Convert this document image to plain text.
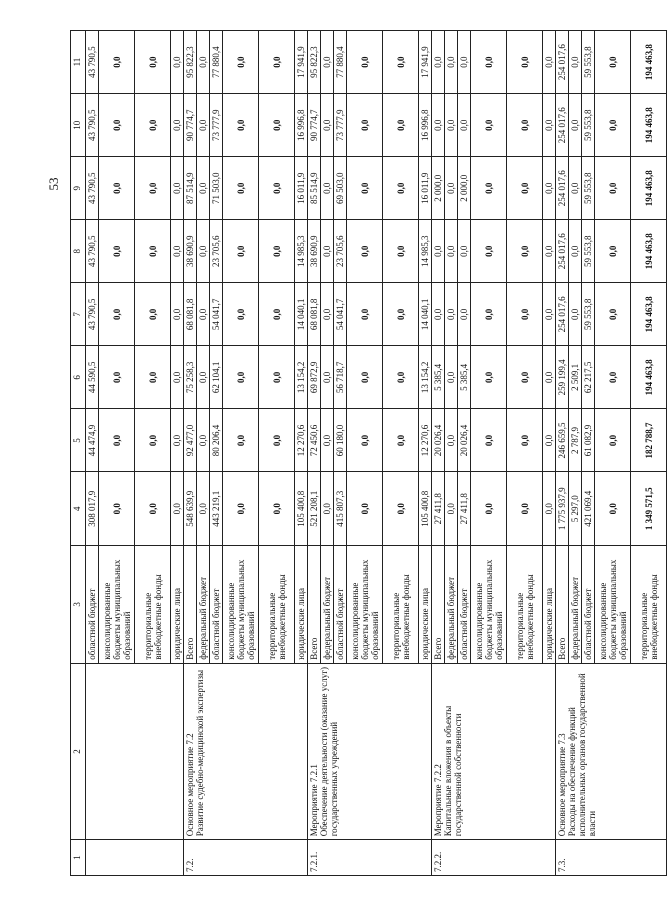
53
1	2	3	4	5	6	7	8	9	10	11
		областной бюджет	308 017,9	44 474,9	44 590,5	43 790,5	43 790,5	43 790,5	43 790,5	43 790,5
		консолидированные бюджеты муниципальных образований	0,0	0,0	0,0	0,0	0,0	0,0	0,0	0,0
		территориальные внебюджетные фонды	0,0	0,0	0,0	0,0	0,0	0,0	0,0	0,0
		юридические лица	0,0	0,0	0,0	0,0	0,0	0,0	0,0	0,0
7.2.	Основное мероприятие 7.2 Развитие судебно-медицинской экспертизы	Всего	548 639,9	92 477,0	75 258,3	68 081,8	38 690,9	87 514,9	90 774,7	95 822,3
		федеральный бюджет	0,0	0,0	0,0	0,0	0,0	0,0	0,0	0,0
		областной бюджет	443 219,1	80 206,4	62 104,1	54 041,7	23 705,6	71 503,0	73 777,9	77 880,4
		консолидированные бюджеты муниципальных образований	0,0	0,0	0,0	0,0	0,0	0,0	0,0	0,0
		территориальные внебюджетные фонды	0,0	0,0	0,0	0,0	0,0	0,0	0,0	0,0
		юридические лица	105 400,8	12 270,6	13 154,2	14 040,1	14 985,3	16 011,9	16 996,8	17 941,9
7.2.1.	Мероприятие 7.2.1 Обеспечение деятельности (оказание услуг) государственных учреждений	Всего	521 208,1	72 450,6	69 872,9	68 081,8	38 690,9	85 514,9	90 774,7	95 822,3
		федеральный бюджет	0,0	0,0	0,0	0,0	0,0	0,0	0,0	0,0
		областной бюджет	415 807,3	60 180,0	56 718,7	54 041,7	23 705,6	69 503,0	73 777,9	77 880,4
		консолидированные бюджеты муниципальных образований	0,0	0,0	0,0	0,0	0,0	0,0	0,0	0,0
		территориальные внебюджетные фонды	0,0	0,0	0,0	0,0	0,0	0,0	0,0	0,0
		юридические лица	105 400,8	12 270,6	13 154,2	14 040,1	14 985,3	16 011,9	16 996,8	17 941,9
7.2.2.	Мероприятие 7.2.2 Капитальные вложения в объекты государственной собственности	Всего	27 411,8	20 026,4	5 385,4	0,0	0,0	2 000,0	0,0	0,0
		федеральный бюджет	0,0	0,0	0,0	0,0	0,0	0,0	0,0	0,0
		областной бюджет	27 411,8	20 026,4	5 385,4	0,0	0,0	2 000,0	0,0	0,0
		консолидированные бюджеты муниципальных образований	0,0	0,0	0,0	0,0	0,0	0,0	0,0	0,0
		территориальные внебюджетные фонды	0,0	0,0	0,0	0,0	0,0	0,0	0,0	0,0
		юридические лица	0,0	0,0	0,0	0,0	0,0	0,0	0,0	0,0
7.3.	Основное мероприятие 7.3 Расходы на обеспечение функций исполнительных органов государственной власти	Всего	1 775 937,9	246 659,5	259 199,4	254 017,6	254 017,6	254 017,6	254 017,6	254 017,6
		федеральный бюджет	5 297,0	2 787,9	2 509,1	0,0	0,0	0,0	0,0	0,0
		областной бюджет	421 069,4	61 082,9	62 217,5	59 553,8	59 553,8	59 553,8	59 553,8	59 553,8
		консолидированные бюджеты муниципальных образований	0,0	0,0	0,0	0,0	0,0	0,0	0,0	0,0
		территориальные внебюджетные фонды	1 349 571,5	182 788,7	194 463,8	194 463,8	194 463,8	194 463,8	194 463,8	194 463,8
